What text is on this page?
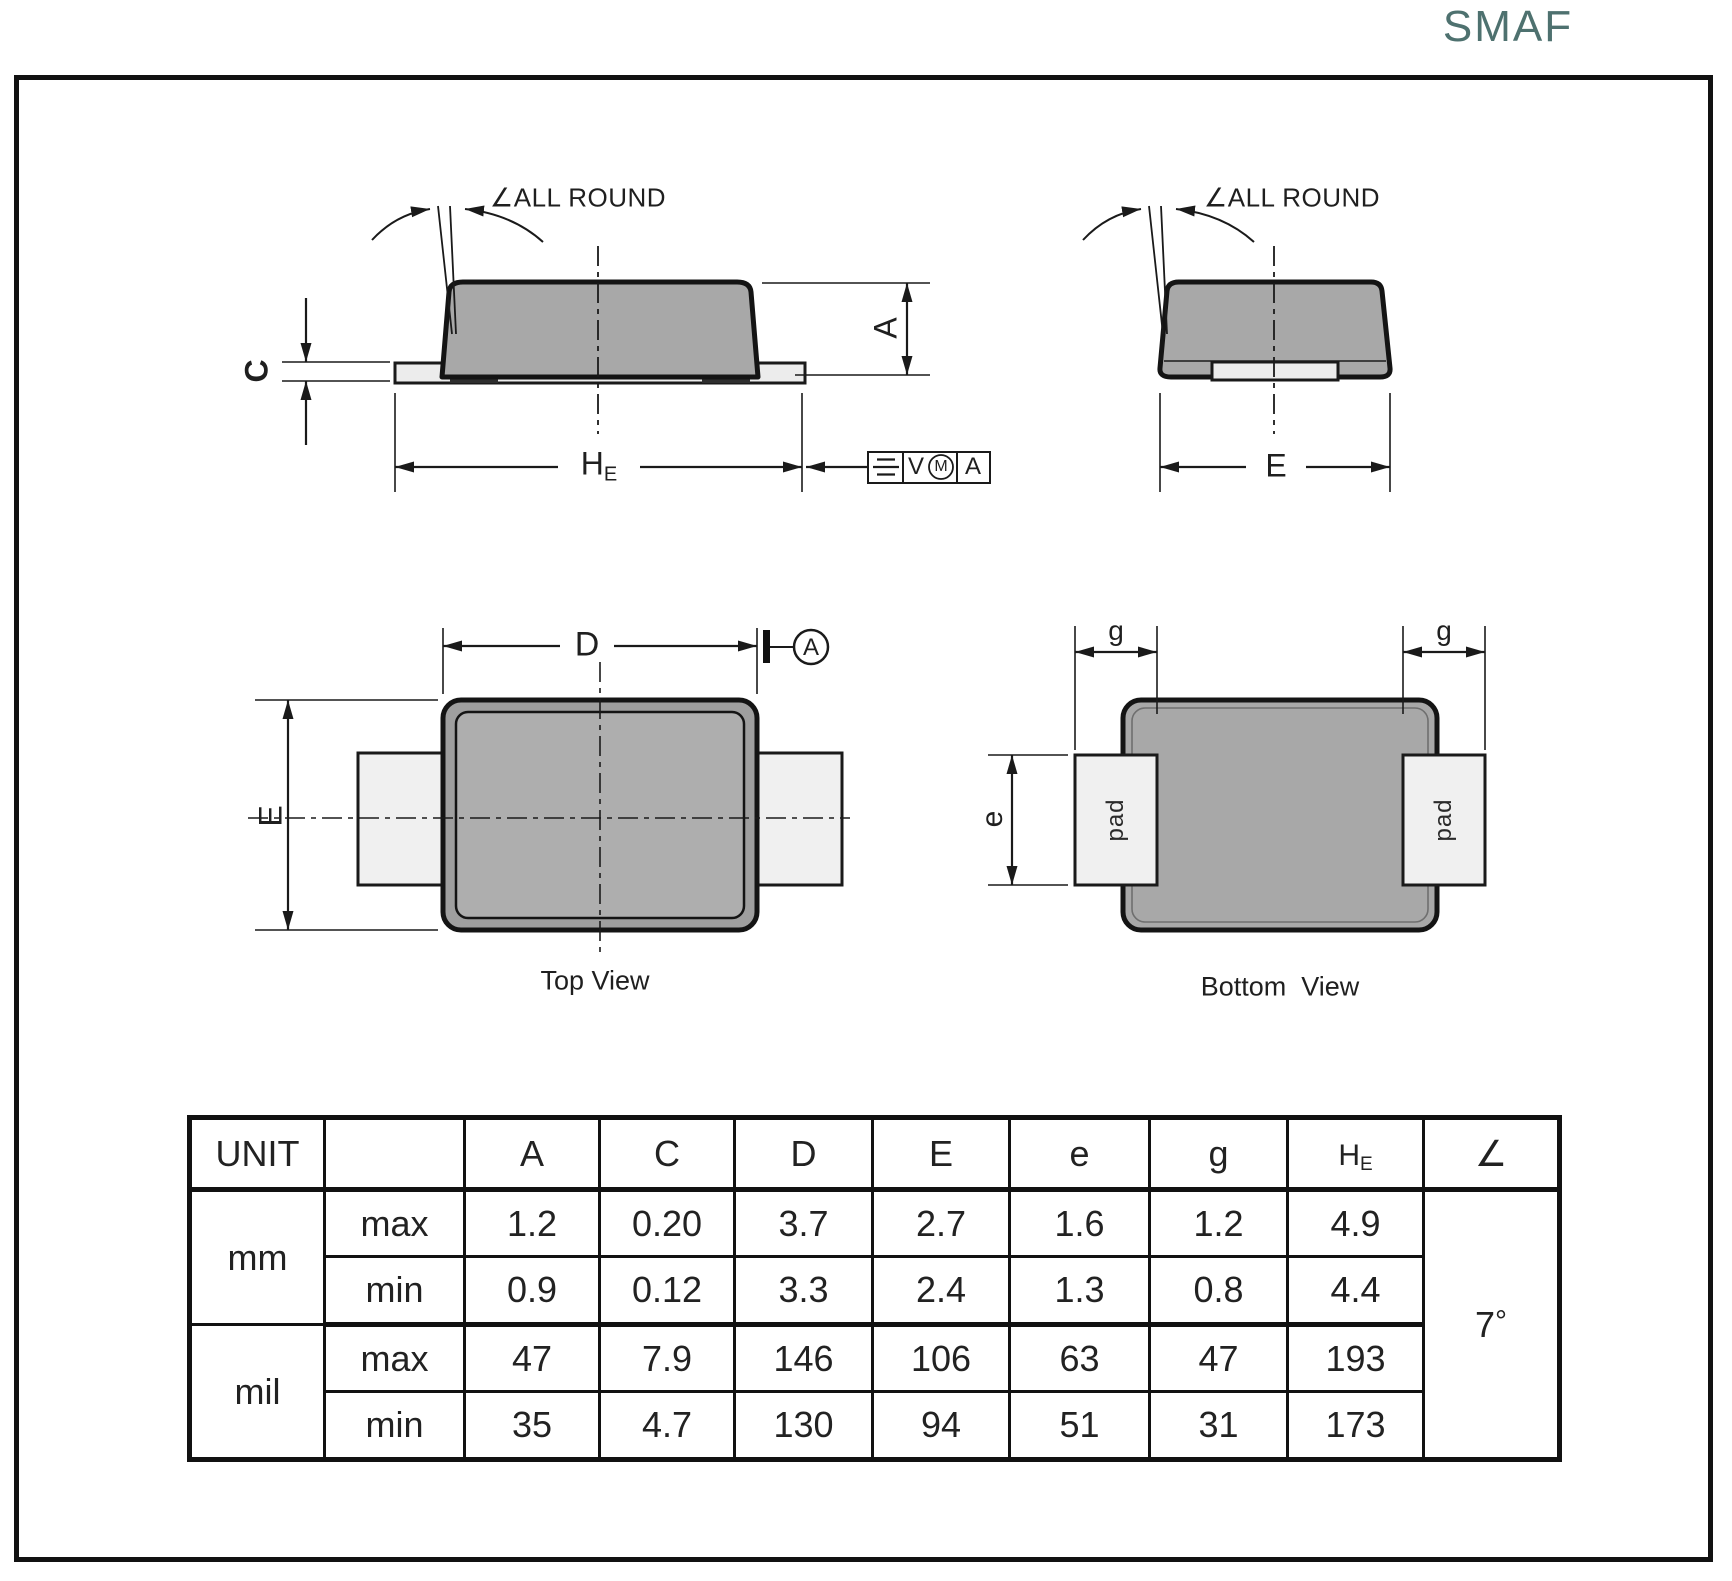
SMAF
∠ALL ROUND	∠ALL ROUND
C
A
HE	V M A	E
D	A
E
Top View
g	g
e	pad	pad
Bottom  View
UNIT		A	C	D	E	e	g	HE	∠
mm	max	1.2	0.20	3.7	2.7	1.6	1.2	4.9	7°
	min	0.9	0.12	3.3	2.4	1.3	0.8	4.4	
mil	max	47	7.9	146	106	63	47	193	
	min	35	4.7	130	94	51	31	173	
